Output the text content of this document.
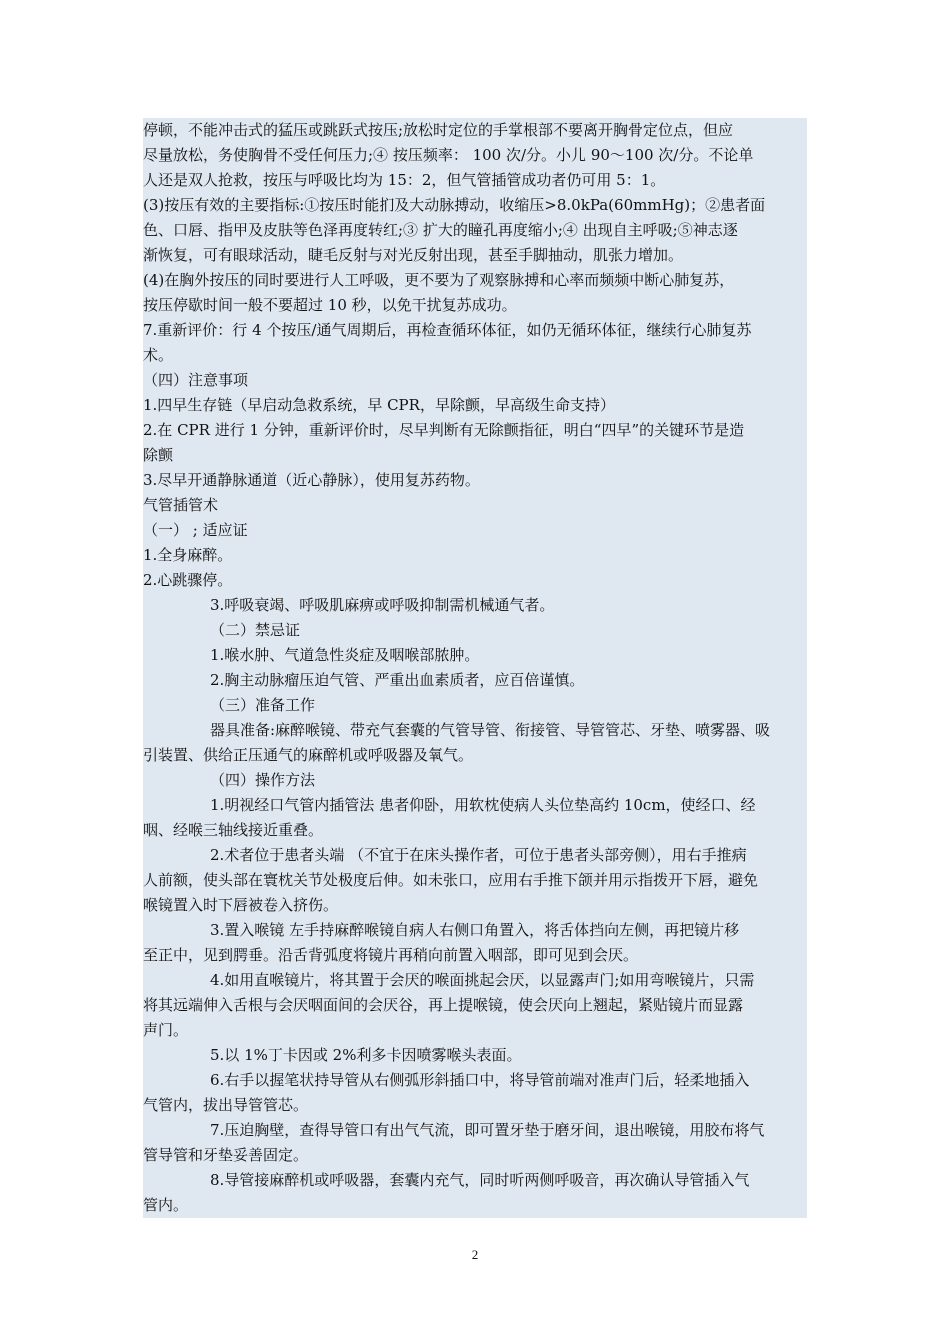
停顿，不能冲击式的猛压或跳跃式按压;放松时定位的手掌根部不要离开胸骨定位点，但应

尽量放松，务使胸骨不受任何压力;④ 按压频率： 100 次/分。小儿 90～100 次/分。不论单

人还是双人抢救，按压与呼吸比均为 15：2，但气管插管成功者仍可用 5：1。

(3)按压有效的主要指标:①按压时能扪及大动脉搏动，收缩压>8.0kPa(60mmHg)；②患者面

色、口唇、指甲及皮肤等色泽再度转红;③ 扩大的瞳孔再度缩小;④ 出现自主呼吸;⑤神志逐

渐恢复，可有眼球活动，睫毛反射与对光反射出现，甚至手脚抽动，肌张力增加。

(4)在胸外按压的同时要进行人工呼吸，更不要为了观察脉搏和心率而频频中断心肺复苏，

按压停歇时间一般不要超过 10 秒，以免干扰复苏成功。

7.重新评价：行 4 个按压/通气周期后，再检查循环体征，如仍无循环体征，继续行心肺复苏

术。

（四）注意事项

1.四早生存链（早启动急救系统，早 CPR，早除颤，早高级生命支持）

2.在 CPR 进行 1 分钟，重新评价时，尽早判断有无除颤指征，明白“四早”的关键环节是造

除颤

3.尽早开通静脉通道（近心静脉），使用复苏药物。

气管插管术

（一） ; 适应证

1.全身麻醉。

2.心跳骤停。

3.呼吸衰竭、呼吸肌麻痹或呼吸抑制需机械通气者。

（二）禁忌证

1.喉水肿、气道急性炎症及咽喉部脓肿。

2.胸主动脉瘤压迫气管、严重出血素质者，应百倍谨慎。

（三）准备工作

器具准备:麻醉喉镜、带充气套囊的气管导管、衔接管、导管管芯、牙垫、喷雾器、吸

引装置、供给正压通气的麻醉机或呼吸器及氧气。

（四）操作方法

1.明视经口气管内插管法 患者仰卧，用软枕使病人头位垫高约 10cm，使经口、经

咽、经喉三轴线接近重叠。

2.术者位于患者头端 （不宜于在床头操作者，可位于患者头部旁侧），用右手推病

人前额，使头部在寰枕关节处极度后伸。如未张口，应用右手推下颌并用示指拨开下唇，避免

喉镜置入时下唇被卷入挤伤。

3.置入喉镜 左手持麻醉喉镜自病人右侧口角置入，将舌体挡向左侧，再把镜片移

至正中，见到腭垂。沿舌背弧度将镜片再稍向前置入咽部，即可见到会厌。

4.如用直喉镜片，将其置于会厌的喉面挑起会厌，以显露声门;如用弯喉镜片，只需

将其远端伸入舌根与会厌咽面间的会厌谷，再上提喉镜，使会厌向上翘起，紧贴镜片而显露

声门。

5.以 1%丁卡因或 2%利多卡因喷雾喉头表面。

6.右手以握笔状持导管从右侧弧形斜插口中，将导管前端对准声门后，轻柔地插入

气管内，拔出导管管芯。

7.压迫胸壁，查得导管口有出气气流，即可置牙垫于磨牙间，退出喉镜，用胶布将气

管导管和牙垫妥善固定。

8.导管接麻醉机或呼吸器，套囊内充气，同时听两侧呼吸音，再次确认导管插入气

管内。

2
